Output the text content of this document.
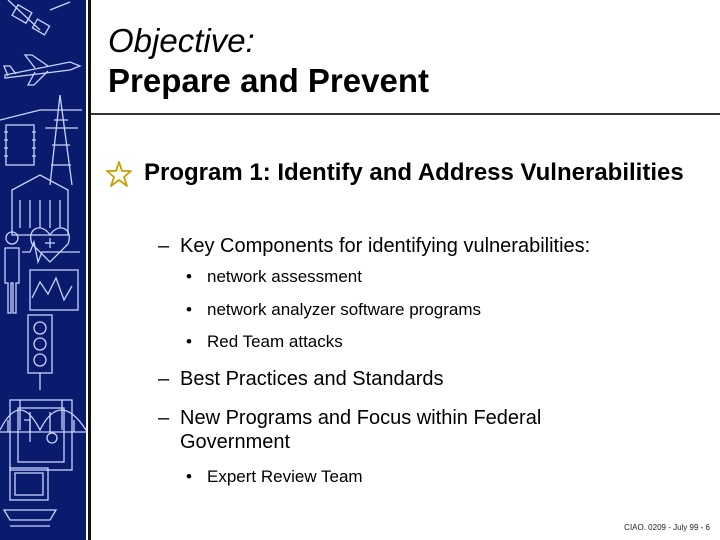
Objective:
Prepare and Prevent
Program 1: Identify and Address Vulnerabilities
– Key Components for identifying vulnerabilities:
• network assessment
• network analyzer software programs
• Red Team attacks
– Best Practices and Standards
– New Programs and Focus within Federal Government
• Expert Review Team
CIAO. 0209 - July 99 - 6
